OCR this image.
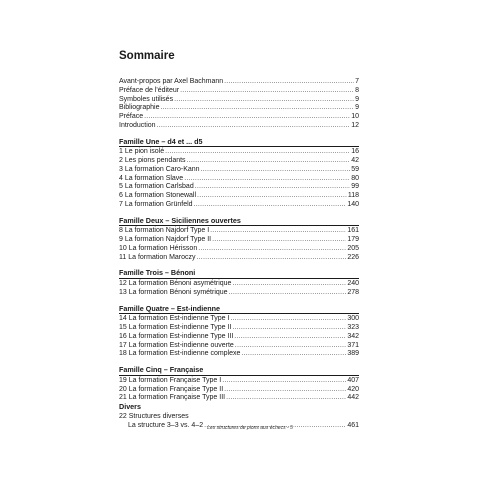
Sommaire
Avant-propos par Axel Bachmann .....	7
Préface de l'éditeur .....	8
Symboles utilisés .....	9
Bibliographie .....	9
Préface .....	10
Introduction .....	12
Famille Une – d4 et ... d5
1 Le pion isolé .....	16
2 Les pions pendants .....	42
3 La formation Caro-Kann .....	59
4 La formation Slave .....	80
5 La formation Carlsbad .....	99
6 La formation Stonewall .....	118
7 La formation Grünfeld .....	140
Famille Deux – Siciliennes ouvertes
8 La formation Najdorf Type I .....	161
9 La formation Najdorf Type II .....	179
10 La formation Hérisson .....	205
11 La formation Maroczy .....	226
Famille Trois – Bénoni
12 La formation Bénoni asymétrique .....	240
13 La formation Bénoni symétrique .....	278
Famille Quatre – Est-indienne
14 La formation Est-indienne Type I .....	300
15 La formation Est-indienne Type II .....	323
16 La formation Est-indienne Type III .....	342
17 La formation Est-indienne ouverte .....	371
18 La formation Est-indienne complexe .....	389
Famille Cinq – Française
19 La formation Française Type I .....	407
20 La formation Française Type II .....	420
21 La formation Française Type III .....	442
Divers
22 Structures diverses
La structure 3–3 vs. 4–2 .....	461
Les structures de pions aux échecs - 5
